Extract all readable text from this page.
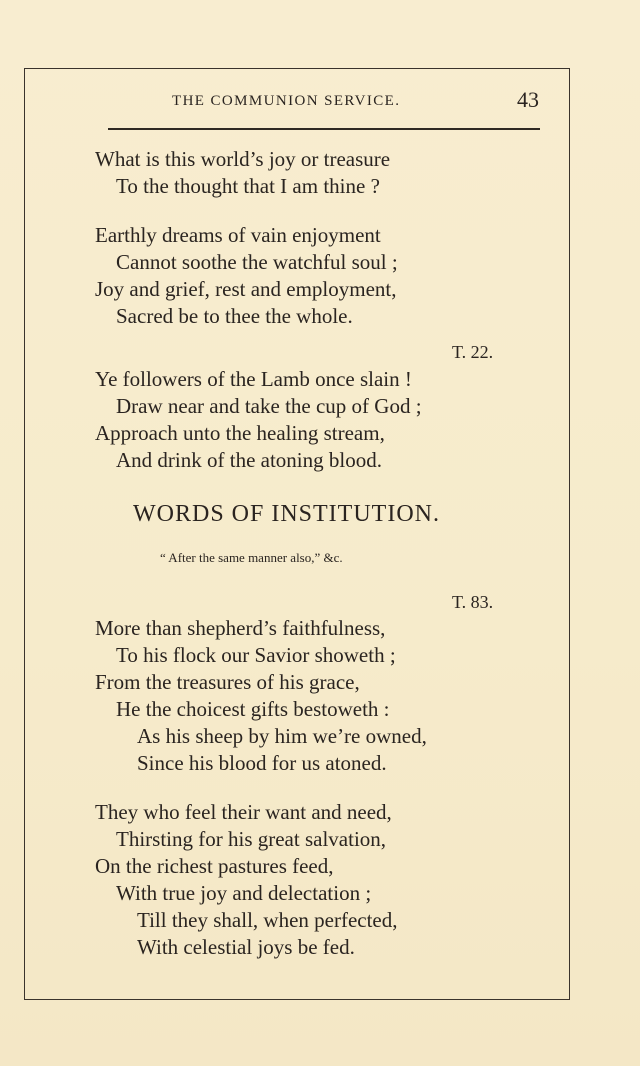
THE COMMUNION SERVICE.	43
What is this world’s joy or treasure
To the thought that I am thine ?
Earthly dreams of vain enjoyment
Cannot soothe the watchful soul ;
Joy and grief, rest and employment,
Sacred be to thee the whole.
T. 22.
Ye followers of the Lamb once slain !
Draw near and take the cup of God ;
Approach unto the healing stream,
And drink of the atoning blood.
WORDS OF INSTITUTION.
“ After the same manner also,” &c.
T. 83.
More than shepherd’s faithfulness,
To his flock our Savior showeth ;
From the treasures of his grace,
He the choicest gifts bestoweth :
As his sheep by him we’re owned,
Since his blood for us atoned.
They who feel their want and need,
Thirsting for his great salvation,
On the richest pastures feed,
With true joy and delectation ;
Till they shall, when perfected,
With celestial joys be fed.
